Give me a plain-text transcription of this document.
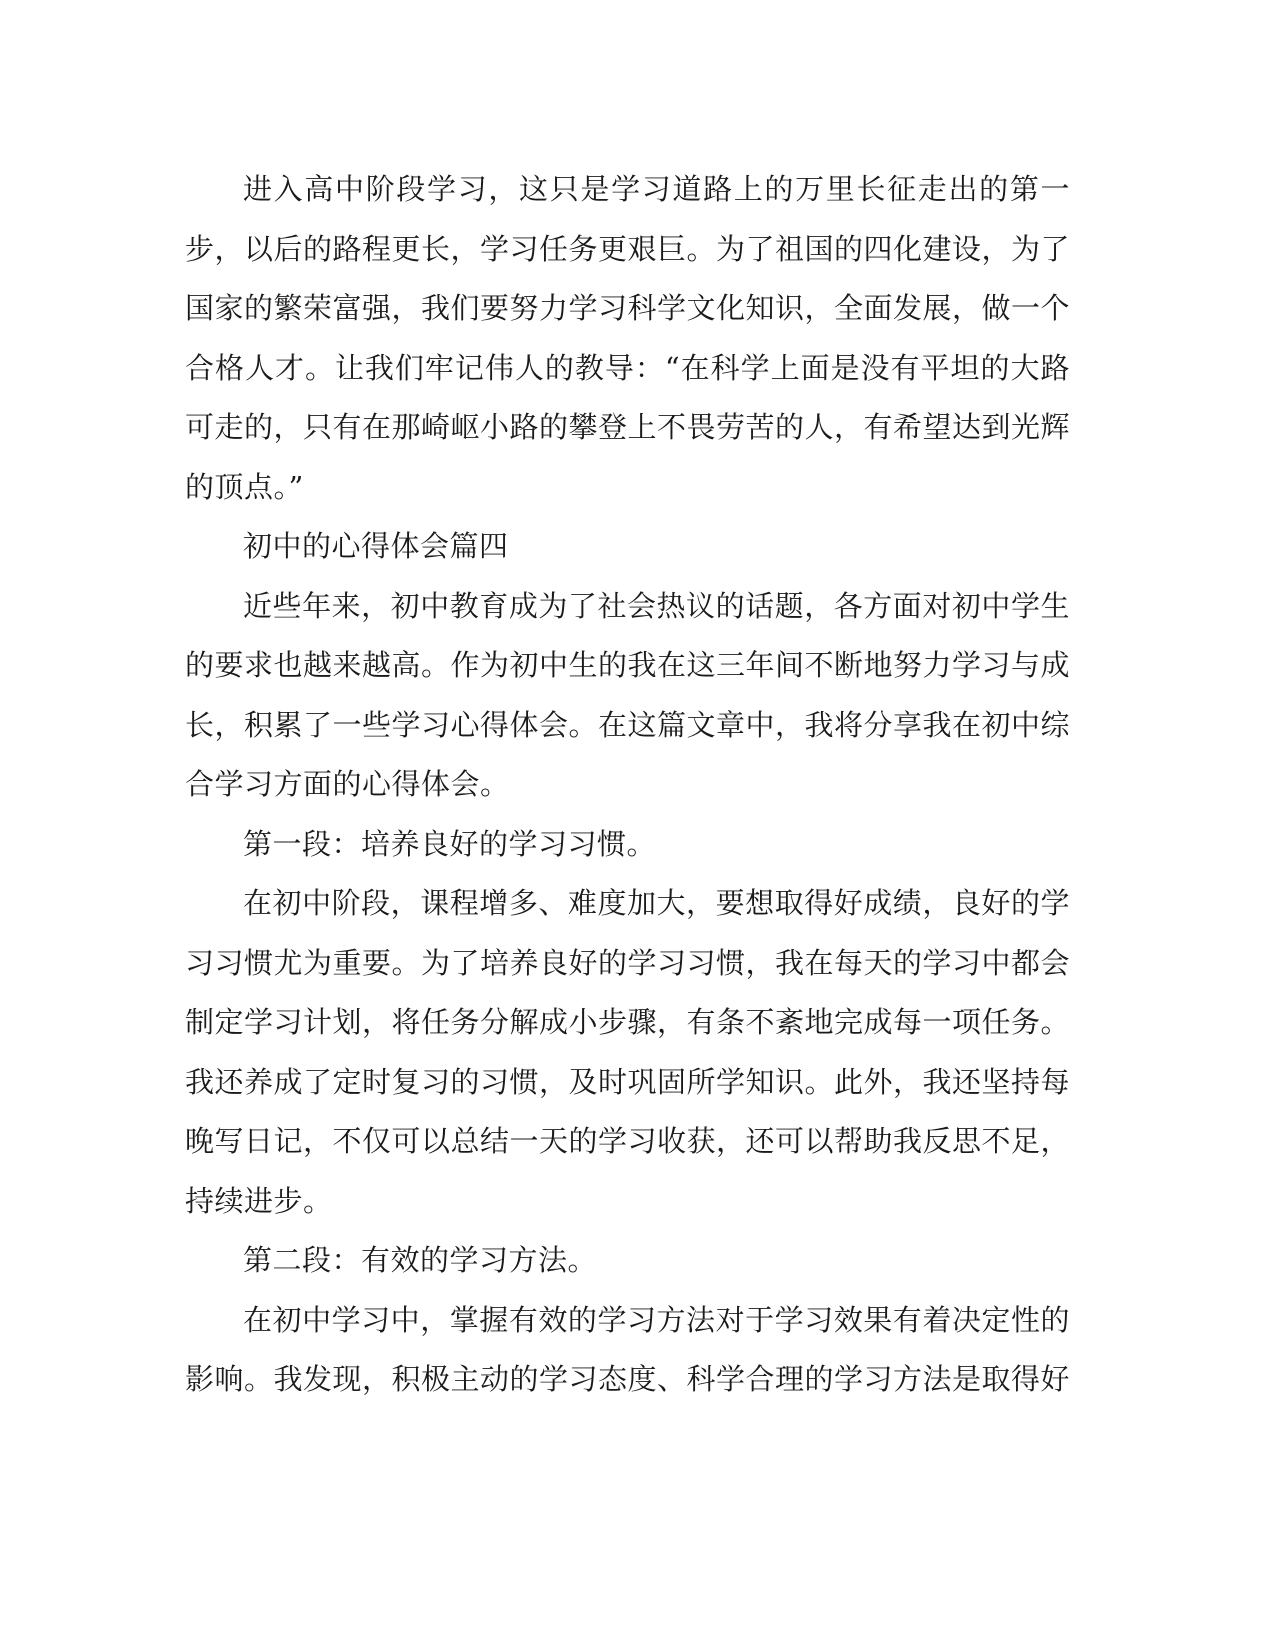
进入高中阶段学习，这只是学习道路上的万里长征走出的第一步，以后的路程更长，学习任务更艰巨。为了祖国的四化建设，为了国家的繁荣富强，我们要努力学习科学文化知识，全面发展，做一个合格人才。让我们牢记伟人的教导：“在科学上面是没有平坦的大路可走的，只有在那崎岖小路的攀登上不畏劳苦的人，有希望达到光辉的顶点。”

初中的心得体会篇四

近些年来，初中教育成为了社会热议的话题，各方面对初中学生的要求也越来越高。作为初中生的我在这三年间不断地努力学习与成长，积累了一些学习心得体会。在这篇文章中，我将分享我在初中综合学习方面的心得体会。

第一段：培养良好的学习习惯。

在初中阶段，课程增多、难度加大，要想取得好成绩，良好的学习习惯尤为重要。为了培养良好的学习习惯，我在每天的学习中都会制定学习计划，将任务分解成小步骤，有条不紊地完成每一项任务。我还养成了定时复习的习惯，及时巩固所学知识。此外，我还坚持每晚写日记，不仅可以总结一天的学习收获，还可以帮助我反思不足，持续进步。

第二段：有效的学习方法。

在初中学习中，掌握有效的学习方法对于学习效果有着决定性的影响。我发现，积极主动的学习态度、科学合理的学习方法是取得好
